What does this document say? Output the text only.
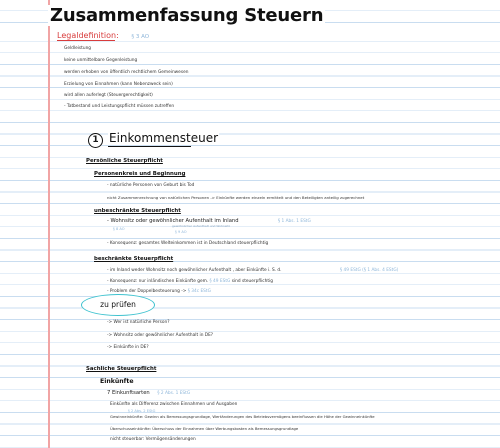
Zusammenfassung Steuern
Legaldefinition: § 3 AO
Geldleistung
keine unmittelbare Gegenleistung
werden erhoben von öffentlich rechtlichem Gemeinwesen
Erzielung von Einnahmen (kann Nebenzweck sein)
wird allen auferlegt (Steuergerechtigkeit)
- Tatbestand und Leistungspflicht müssen zutreffen
1 Einkommensteuer
Persönliche Steuerpflicht
Personenkreis und Beginnung
- natürliche Personen von Geburt bis Tod
nicht Zusammenrechnung von natürlichen Personen -> Einkünfte werden einzeln ermittelt und den Beteiligten anteilig zugerechnet
unbeschränkte Steuerpflicht
- Wohnsitz oder gewöhnlicher Aufenthalt im Inland	§ 1 Abs. 1 EStG
§ 8 AO
§ 9 AO
gewöhnlicher Aufenthalt und Wohnsitz
- Konsequenz: gesamtes Welteinkommen ist in Deutschland steuerpflichtig
beschränkte Steuerpflicht
- im Inland weder Wohnsitz noch gewöhnlicher Aufenthalt , aber Einkünfte i. S. d.	§ 49 EStG (§ 1 Abs. 4 EStG)
- Konsequenz: nur inländischen Einkünfte gem. § 49 EStG sind steuerpflichtig
- Problem der Doppelbesteuerung -> § 34c EStG
zu prüfen
-> Wer ist natürliche Person?
-> Wohnsitz oder gewöhnlicher Aufenthalt in DE?
-> Einkünfte in DE?
Sachliche Steuerpflicht
Einkünfte
7 Einkunftsarten § 2 Abs. 1 EStG
Einkünfte als Differenz zwischen Einnahmen und Ausgaben
§ 2 Abs. 2 EStG
Gewinneinkünfte: Gewinn als Bemessungsgrundlage, Wertänderungen des Betriebsvermögens beeinflussen die Höhe der Gewinneinkünfte
Überschusseinkünfte: Überschuss der Einnahmen über Werbungskosten als Bemessungsgrundlage
nicht steuerbar: Vermögensänderungen
